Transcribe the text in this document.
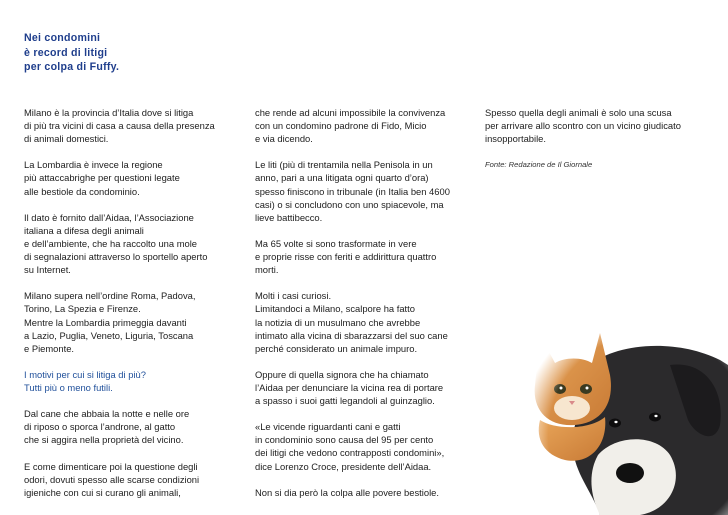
Nei condomini
è record di litigi
per colpa di Fuffy.

Milano è la provincia d’Italia dove si litiga
di più tra vicini di casa a causa della presenza
di animali domestici.

La Lombardia è invece la regione
più attaccabrighe per questioni legate
alle bestiole da condominio.

Il dato è fornito dall’Aidaa, l’Associazione
italiana a difesa degli animali
e dell’ambiente, che ha raccolto una mole
di segnalazioni attraverso lo sportello aperto
su Internet.

Milano supera nell’ordine Roma, Padova,
Torino, La Spezia e Firenze.
Mentre la Lombardia primeggia davanti
a Lazio, Puglia, Veneto, Liguria, Toscana
e Piemonte.

I motivi per cui si litiga di più?
Tutti più o meno futili.

Dal cane che abbaia la notte e nelle ore
di riposo o sporca l’androne, al gatto
che si aggira nella proprietà del vicino.

E come dimenticare poi la questione degli
odori, dovuti spesso alle scarse condizioni
igieniche con cui si curano gli animali,

che rende ad alcuni impossibile la convivenza
con un condomino padrone di Fido, Micio
e via dicendo.

Le liti (più di trentamila nella Penisola in un
anno, pari a una litigata ogni quarto d’ora)
spesso finiscono in tribunale (in Italia ben 4600
casi) o si concludono con uno spiacevole, ma
lieve battibecco.

Ma 65 volte si sono trasformate in vere
e proprie risse con feriti e addirittura quattro
morti.

Molti i casi curiosi.
Limitandoci a Milano, scalpore ha fatto
la notizia di un musulmano che avrebbe
intimato alla vicina di sbarazzarsi del suo cane
perché considerato un animale impuro.

Oppure di quella signora che ha chiamato
l’Aidaa per denunciare la vicina rea di portare
a spasso i suoi gatti legandoli al guinzaglio.

«Le vicende riguardanti cani e gatti
in condominio sono causa del 95 per cento
dei litigi che vedono contrapposti condomini»,
dice Lorenzo Croce, presidente dell’Aidaa.

Non si dia però la colpa alle povere bestiole.

Spesso quella degli animali è solo una scusa
per arrivare allo scontro con un vicino giudicato
insopportabile.

Fonte: Redazione de Il Giornale
